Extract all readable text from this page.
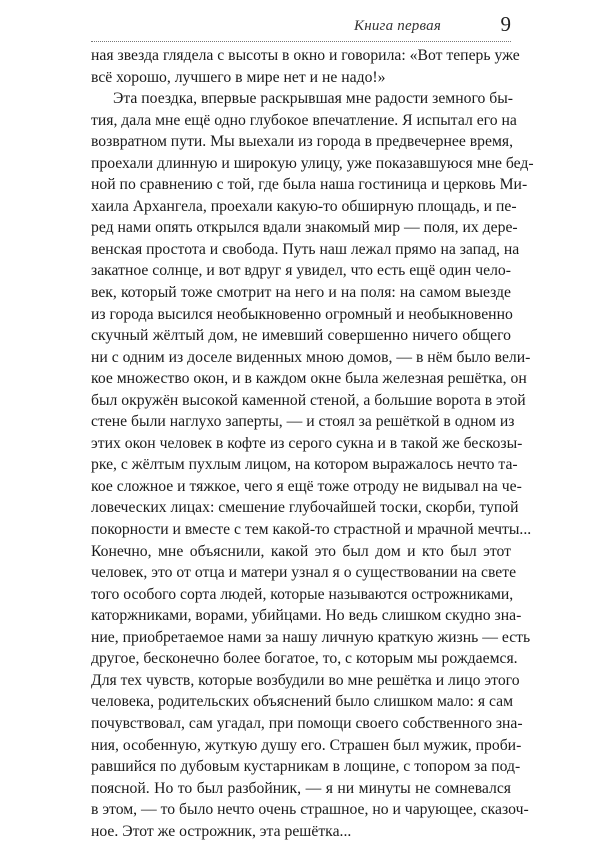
Книга первая	9
ная звезда глядела с высоты в окно и говорила: «Вот теперь уже
всё хорошо, лучшего в мире нет и не надо!»
Эта поездка, впервые раскрывшая мне радости земного бы-
тия, дала мне ещё одно глубокое впечатление. Я испытал его на
возвратном пути. Мы выехали из города в предвечернее время,
проехали длинную и широкую улицу, уже показавшуюся мне бед-
ной по сравнению с той, где была наша гостиница и церковь Ми-
хаила Архангела, проехали какую-то обширную площадь, и пе-
ред нами опять открылся вдали знакомый мир — поля, их дере-
венская простота и свобода. Путь наш лежал прямо на запад, на
закатное солнце, и вот вдруг я увидел, что есть ещё один чело-
век, который тоже смотрит на него и на поля: на самом выезде
из города высился необыкновенно огромный и необыкновенно
скучный жёлтый дом, не имевший совершенно ничего общего
ни с одним из доселе виденных мною домов, — в нём было вели-
кое множество окон, и в каждом окне была железная решётка, он
был окружён высокой каменной стеной, а большие ворота в этой
стене были наглухо заперты, — и стоял за решёткой в одном из
этих окон человек в кофте из серого сукна и в такой же бескозы-
рке, с жёлтым пухлым лицом, на котором выражалось нечто та-
кое сложное и тяжкое, чего я ещё тоже отроду не видывал на че-
ловеческих лицах: смешение глубочайшей тоски, скорби, тупой
покорности и вместе с тем какой-то страстной и мрачной мечты...
Конечно, мне объяснили, какой это был дом и кто был этот
человек, это от отца и матери узнал я о существовании на свете
того особого сорта людей, которые называются острожниками,
каторжниками, ворами, убийцами. Но ведь слишком скудно зна-
ние, приобретаемое нами за нашу личную краткую жизнь — есть
другое, бесконечно более богатое, то, с которым мы рождаемся.
Для тех чувств, которые возбудили во мне решётка и лицо этого
человека, родительских объяснений было слишком мало: я сам
почувствовал, сам угадал, при помощи своего собственного зна-
ния, особенную, жуткую душу его. Страшен был мужик, проби-
равшийся по дубовым кустарникам в лощине, с топором за под-
поясной. Но то был разбойник, — я ни минуты не сомневался
в этом, — то было нечто очень страшное, но и чарующее, сказоч-
ное. Этот же острожник, эта решётка...
